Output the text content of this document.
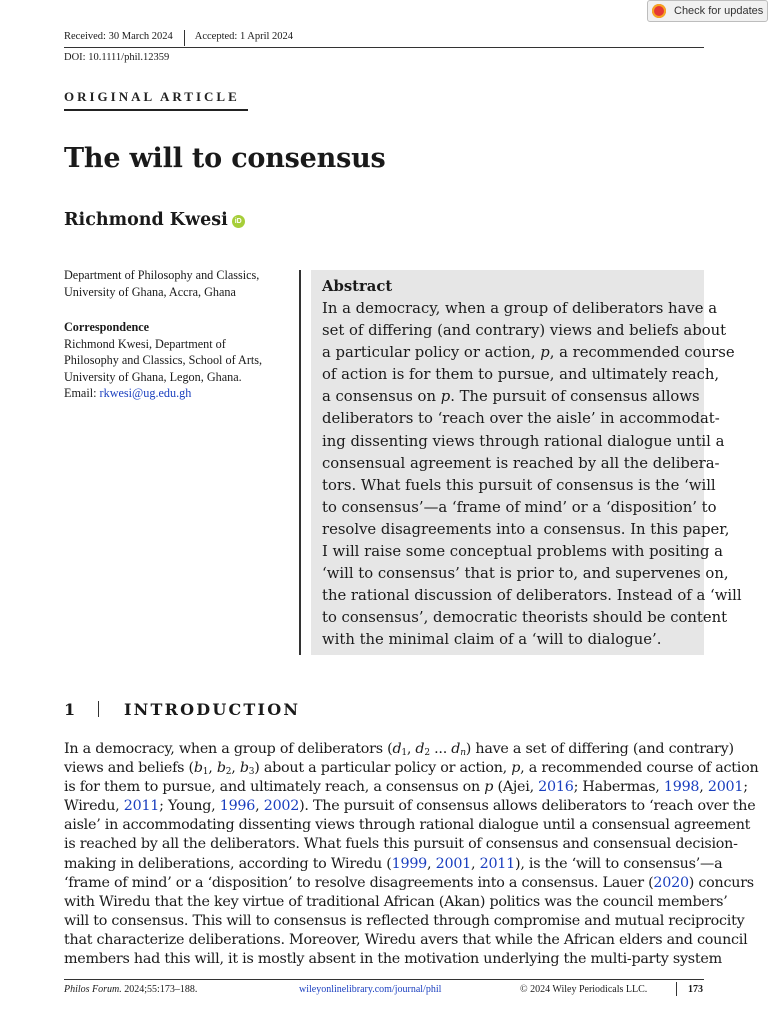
Check for updates
Received: 30 March 2024 Accepted: 1 April 2024
DOI: 10.1111/phil.12359
ORIGINAL ARTICLE
The will to consensus
Richmond Kwesi	iD
Department of Philosophy and Classics,
University of Ghana, Accra, Ghana
Correspondence
Richmond Kwesi, Department of
Philosophy and Classics, School of Arts,
University of Ghana, Legon, Ghana.
Email: rkwesi@ug.edu.gh
Abstract
In a democracy, when a group of deliberators have a
set of differing (and contrary) views and beliefs about
a particular policy or action, p, a recommended course
of action is for them to pursue, and ultimately reach,
a consensus on p. The pursuit of consensus allows
deliberators to ‘reach over the aisle’ in accommodat-
ing dissenting views through rational dialogue until a
consensual agreement is reached by all the delibera-
tors. What fuels this pursuit of consensus is the ‘will
to consensus’—a ‘frame of mind’ or a ‘disposition’ to
resolve disagreements into a consensus. In this paper,
I will raise some conceptual problems with positing a
‘will to consensus’ that is prior to, and supervenes on,
the rational discussion of deliberators. Instead of a ‘will
to consensus’, democratic theorists should be content
with the minimal claim of a ‘will to dialogue’.
1	INTRODUCTION
In a democracy, when a group of deliberators ($d_1$, $d_2$ ... $d_n$) have a set of differing (and contrary)
views and beliefs ($b_1$, $b_2$, $b_3$) about a particular policy or action, p, a recommended course of action
is for them to pursue, and ultimately reach, a consensus on p (Ajei, 2016; Habermas, 1998, 2001;
Wiredu, 2011; Young, 1996, 2002). The pursuit of consensus allows deliberators to ‘reach over the
aisle’ in accommodating dissenting views through rational dialogue until a consensual agreement
is reached by all the deliberators. What fuels this pursuit of consensus and consensual decision-
making in deliberations, according to Wiredu (1999, 2001, 2011), is the ‘will to consensus’—a
‘frame of mind’ or a ‘disposition’ to resolve disagreements into a consensus. Lauer (2020) concurs
with Wiredu that the key virtue of traditional African (Akan) politics was the council members’
will to consensus. This will to consensus is reflected through compromise and mutual reciprocity
that characterize deliberations. Moreover, Wiredu avers that while the African elders and council
members had this will, it is mostly absent in the motivation underlying the multi-party system
Philos Forum. 2024;55:173–188.	wileyonlinelibrary.com/journal/phil	© 2024 Wiley Periodicals LLC.	173
